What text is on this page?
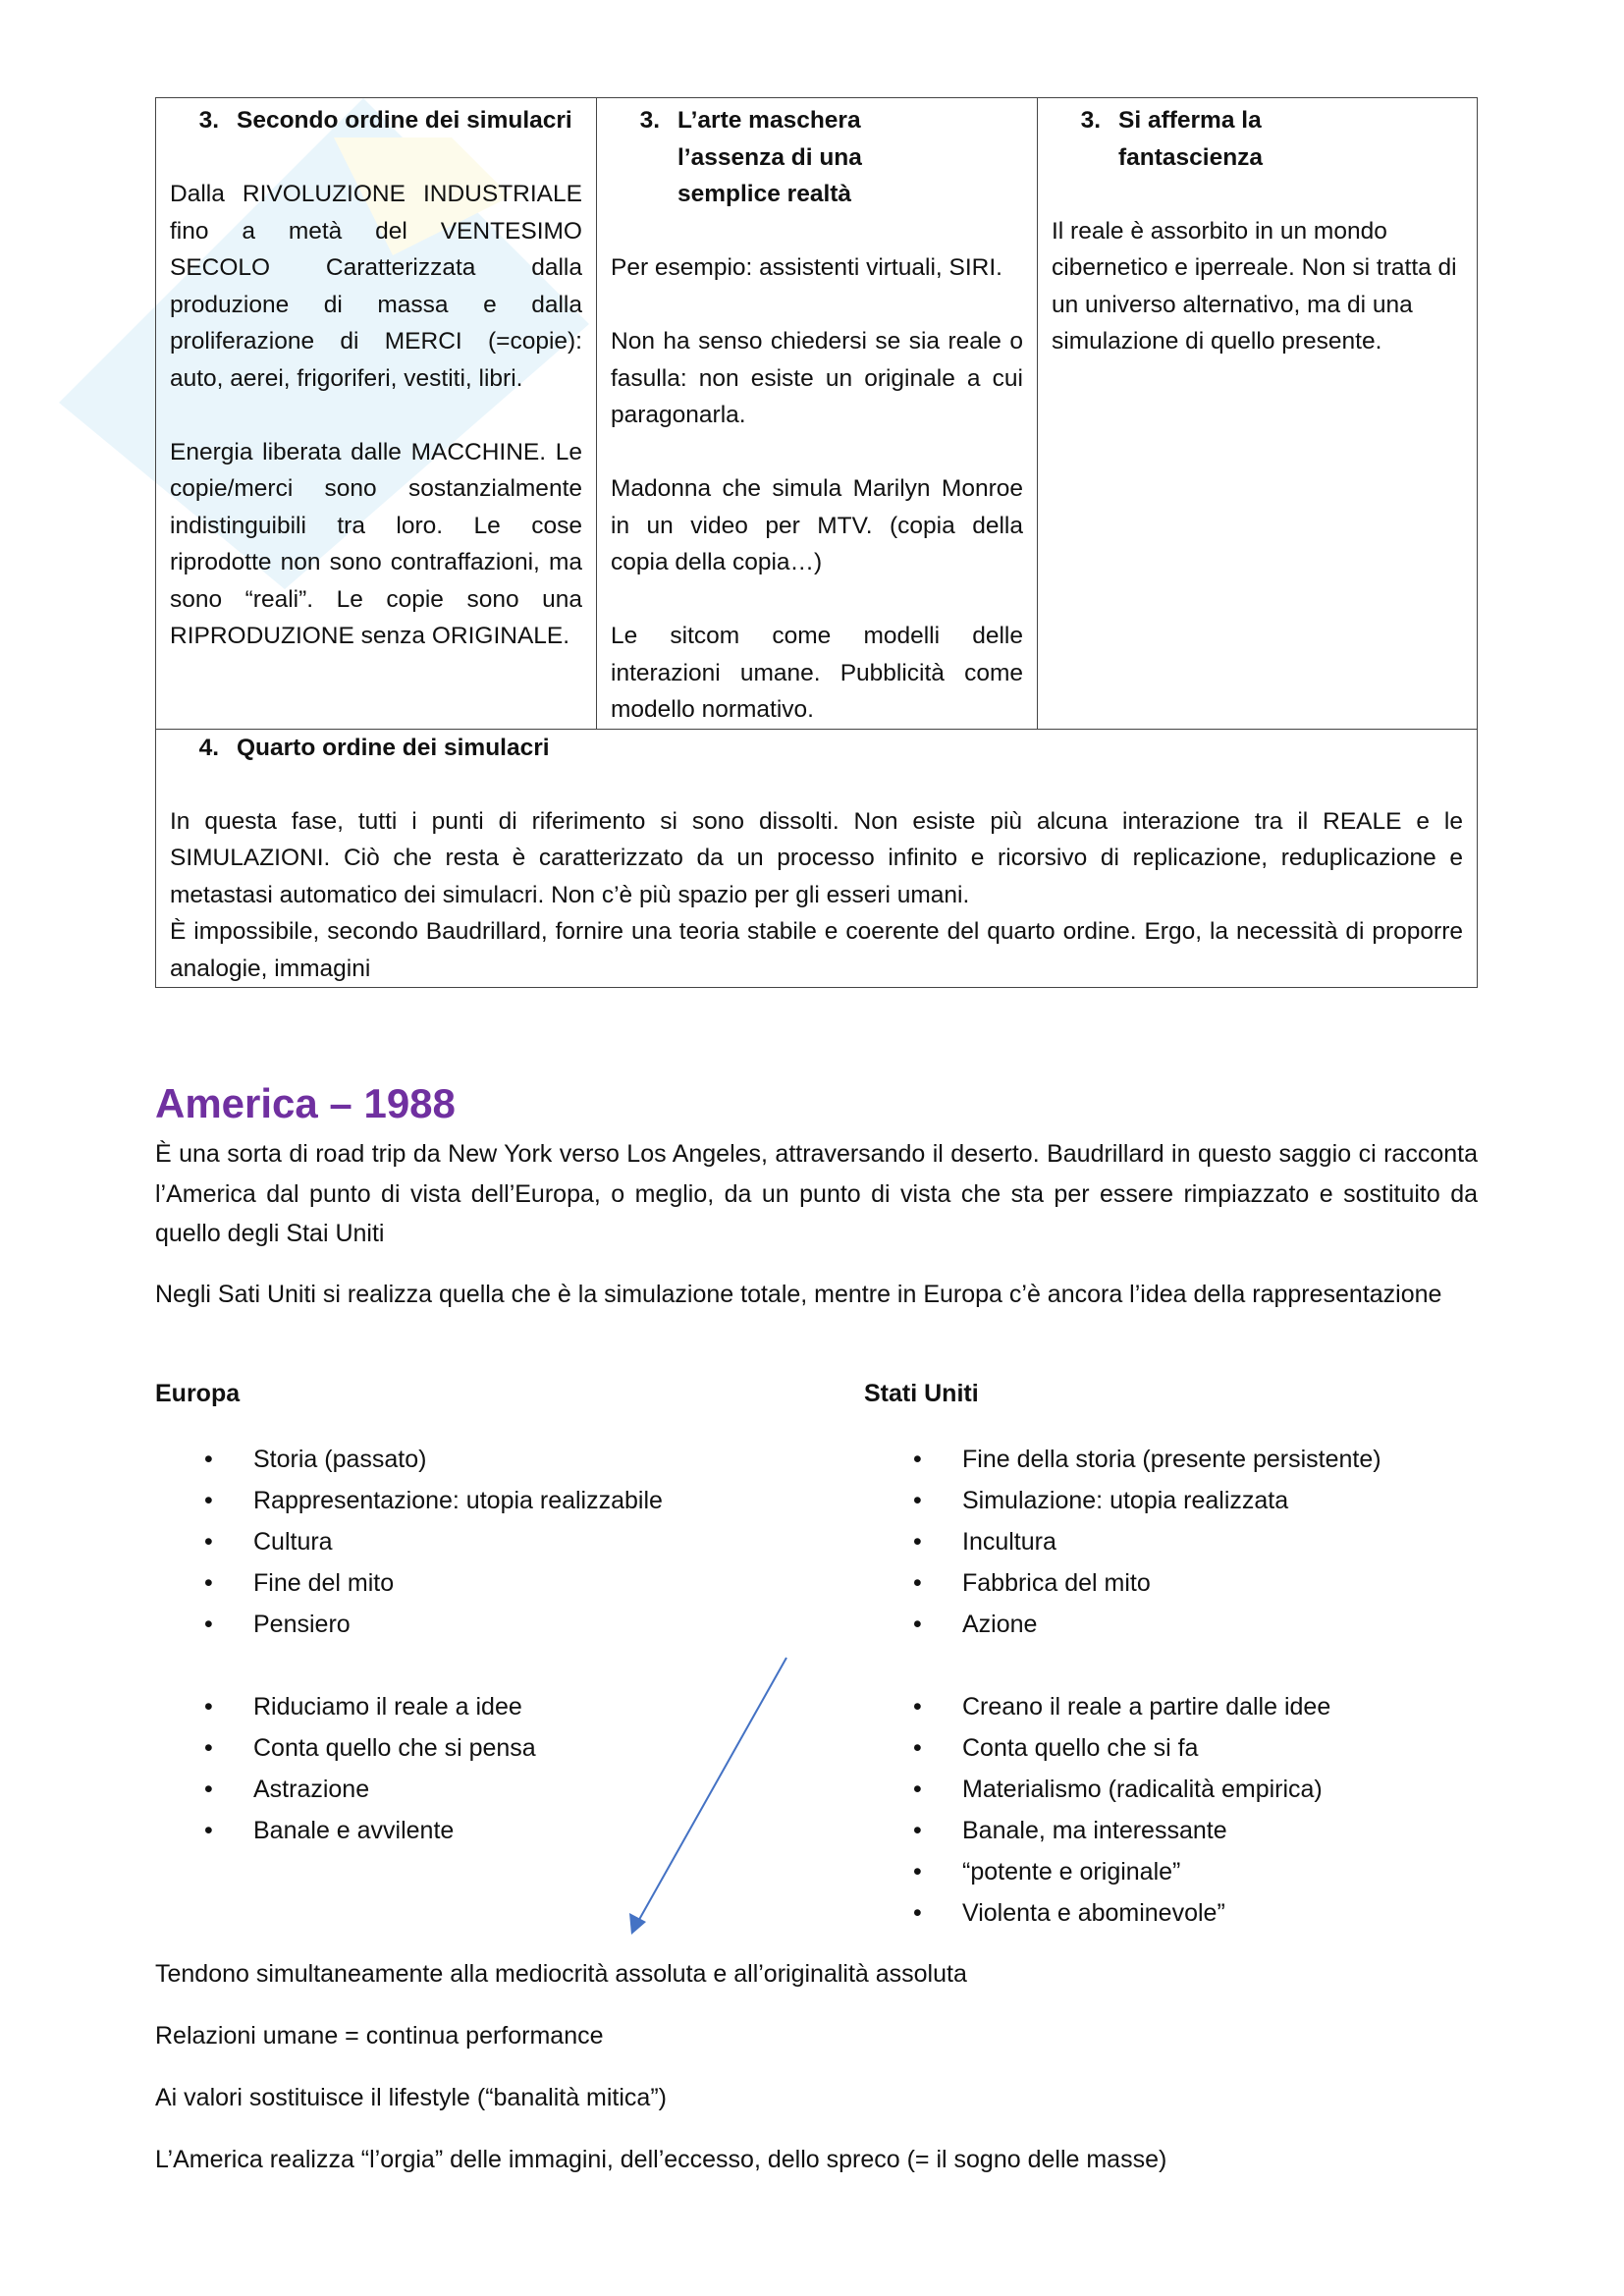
3. Secondo ordine dei simulacri
Dalla RIVOLUZIONE INDUSTRIALE fino a metà del VENTESIMO SECOLO Caratterizzata dalla produzione di massa e dalla proliferazione di MERCI (=copie): auto, aerei, frigoriferi, vestiti, libri.
Energia liberata dalle MACCHINE. Le copie/merci sono sostanzialmente indistinguibili tra loro. Le cose riprodotte non sono contraffazioni, ma sono “reali”. Le copie sono una RIPRODUZIONE senza ORIGINALE.

3. L’arte maschera l’assenza di una semplice realtà
Per esempio: assistenti virtuali, SIRI.
Non ha senso chiedersi se sia reale o fasulla: non esiste un originale a cui paragonarla.
Madonna che simula Marilyn Monroe in un video per MTV. (copia della copia della copia…)
Le sitcom come modelli delle interazioni umane. Pubblicità come modello normativo.

3. Si afferma la fantascienza
Il reale è assorbito in un mondo cibernetico e iperreale. Non si tratta di un universo alternativo, ma di una simulazione di quello presente.

4. Quarto ordine dei simulacri
In questa fase, tutti i punti di riferimento si sono dissolti. Non esiste più alcuna interazione tra il REALE e le SIMULAZIONI. Ciò che resta è caratterizzato da un processo infinito e ricorsivo di replicazione, reduplicazione e metastasi automatico dei simulacri. Non c’è più spazio per gli esseri umani.
È impossibile, secondo Baudrillard, fornire una teoria stabile e coerente del quarto ordine. Ergo, la necessità di proporre analogie, immagini
America – 1988

È una sorta di road trip da New York verso Los Angeles, attraversando il deserto. Baudrillard in questo saggio ci racconta l’America dal punto di vista dell’Europa, o meglio, da un punto di vista che sta per essere rimpiazzato e sostituito da quello degli Stai Uniti

Negli Sati Uniti si realizza quella che è la simulazione totale, mentre in Europa c’è ancora l’idea della rappresentazione

Europa	Stati Uniti
• Storia (passato)
• Rappresentazione: utopia realizzabile
• Cultura
• Fine del mito
• Pensiero
• Riduciamo il reale a idee
• Conta quello che si pensa
• Astrazione
• Banale e avvilente
• Fine della storia (presente persistente)
• Simulazione: utopia realizzata
• Incultura
• Fabbrica del mito
• Azione
• Creano il reale a partire dalle idee
• Conta quello che si fa
• Materialismo (radicalità empirica)
• Banale, ma interessante
• “potente e originale”
• Violenta e abominevole”

Tendono simultaneamente alla mediocrità assoluta e all’originalità assoluta

Relazioni umane = continua performance

Ai valori sostituisce il lifestyle (“banalità mitica”)

L’America realizza “l’orgia” delle immagini, dell’eccesso, dello spreco (= il sogno delle masse)
